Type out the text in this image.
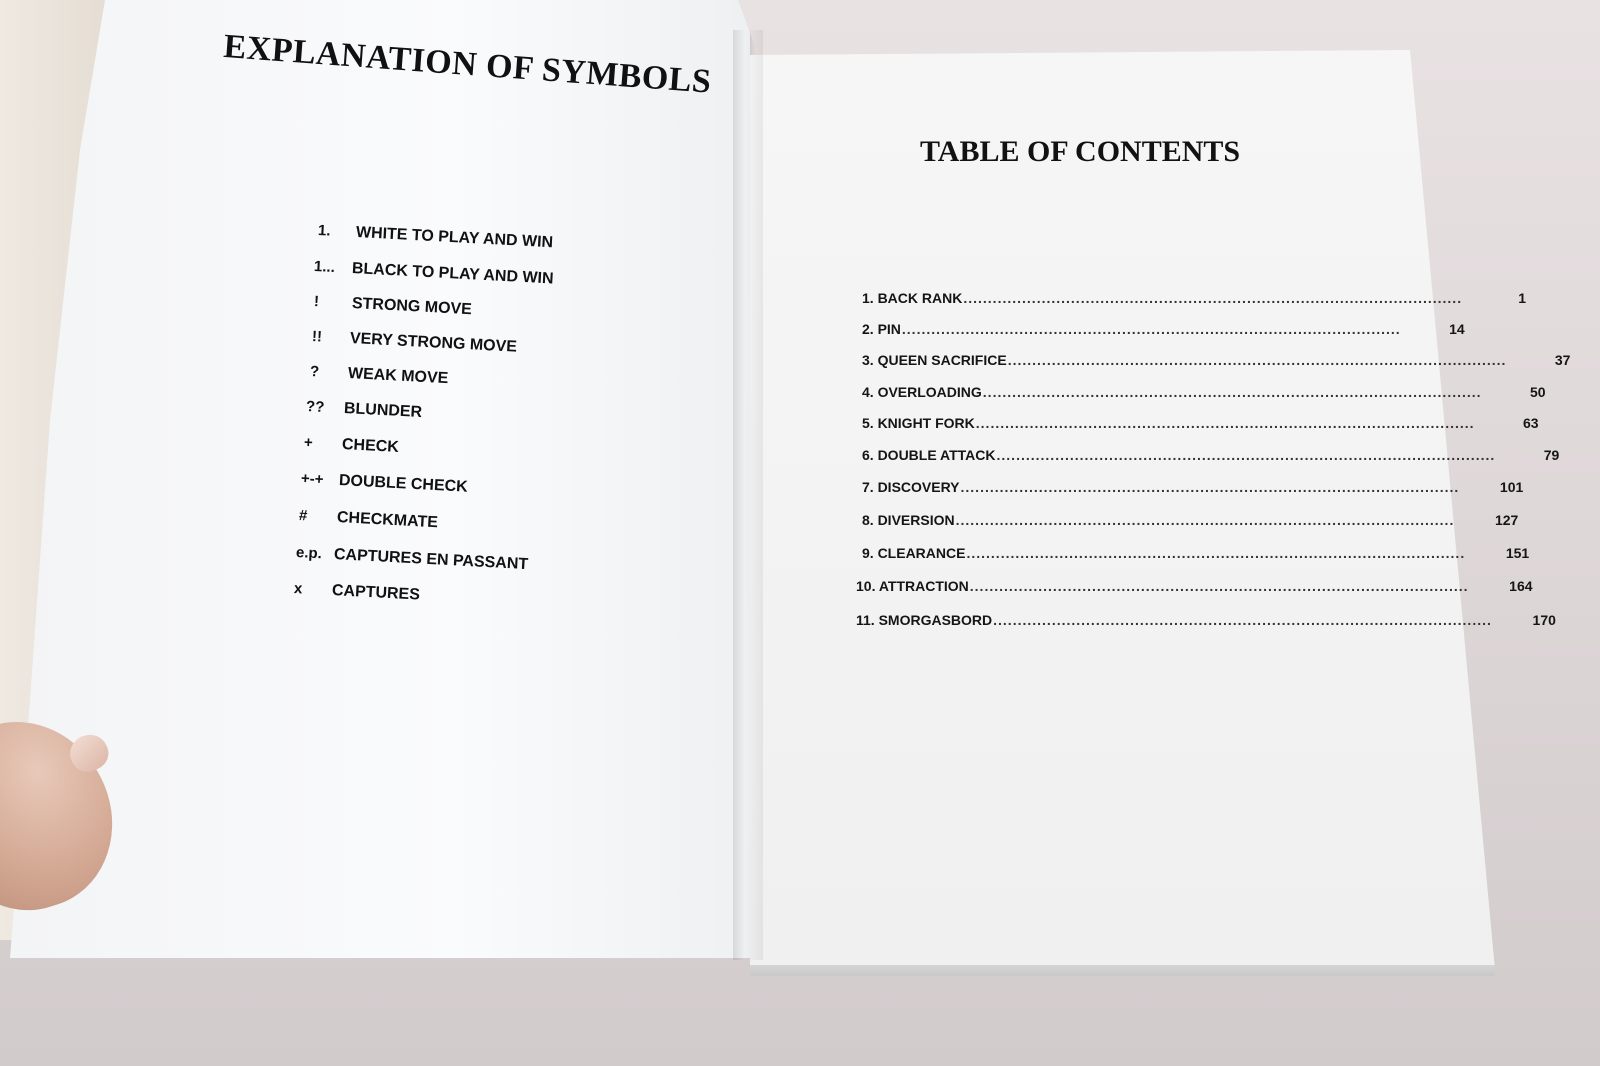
EXPLANATION OF SYMBOLS
1.	WHITE TO PLAY AND WIN
1...	BLACK TO PLAY AND WIN
!	STRONG MOVE
!!	VERY STRONG MOVE
?	WEAK MOVE
??	BLUNDER
+	CHECK
+-+ DOUBLE CHECK
#	CHECKMATE
e.p. CAPTURES EN PASSANT
x	CAPTURES
TABLE OF CONTENTS
1. BACK RANK ......................................................................................................	1
2. PIN ......................................................................................................	14
3. QUEEN SACRIFICE ......................................................................................................	37
4. OVERLOADING ......................................................................................................	50
5. KNIGHT FORK ......................................................................................................	63
6. DOUBLE ATTACK ......................................................................................................	79
7. DISCOVERY ......................................................................................................	101
8. DIVERSION ......................................................................................................	127
9. CLEARANCE ......................................................................................................	151
10. ATTRACTION ......................................................................................................	164
11. SMORGASBORD ......................................................................................................	170
